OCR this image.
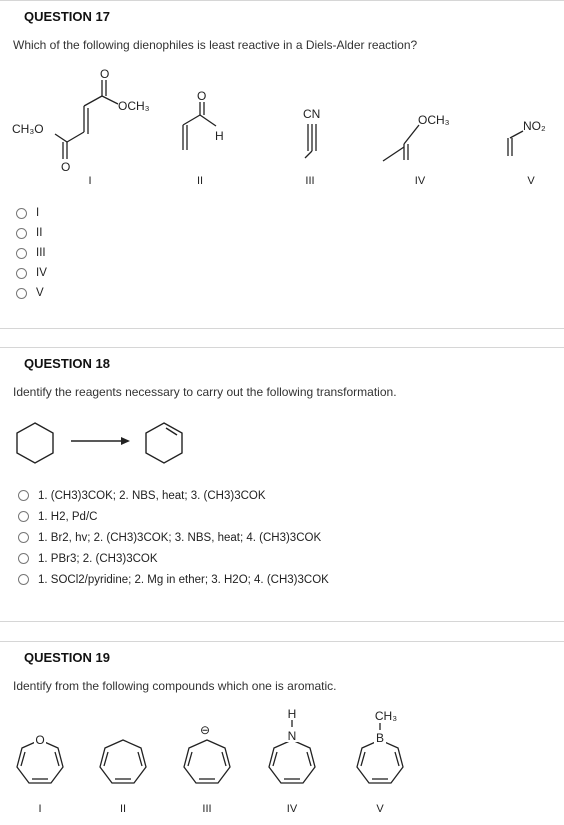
QUESTION 17
Which of the following dienophiles is least reactive in a Diels-Alder reaction?
CH₃O
OCH₃
O
O
O
H
CN	OCH₃	NO₂
I	II	III	IV	V
I
II
III
IV
V
QUESTION 18
Identify the reagents necessary to carry out the following transformation.
1. (CH3)3COK; 2. NBS, heat; 3. (CH3)3COK
1. H2, Pd/C
1. Br2, hv; 2. (CH3)3COK; 3. NBS, heat; 4. (CH3)3COK
1. PBr3; 2. (CH3)3COK
1. SOCl2/pyridine; 2. Mg in ether; 3. H2O; 4. (CH3)3COK
QUESTION 19
Identify from the following compounds which one is aromatic.
O
⊖
H
N
CH₃
B
I	II	III	IV	V
